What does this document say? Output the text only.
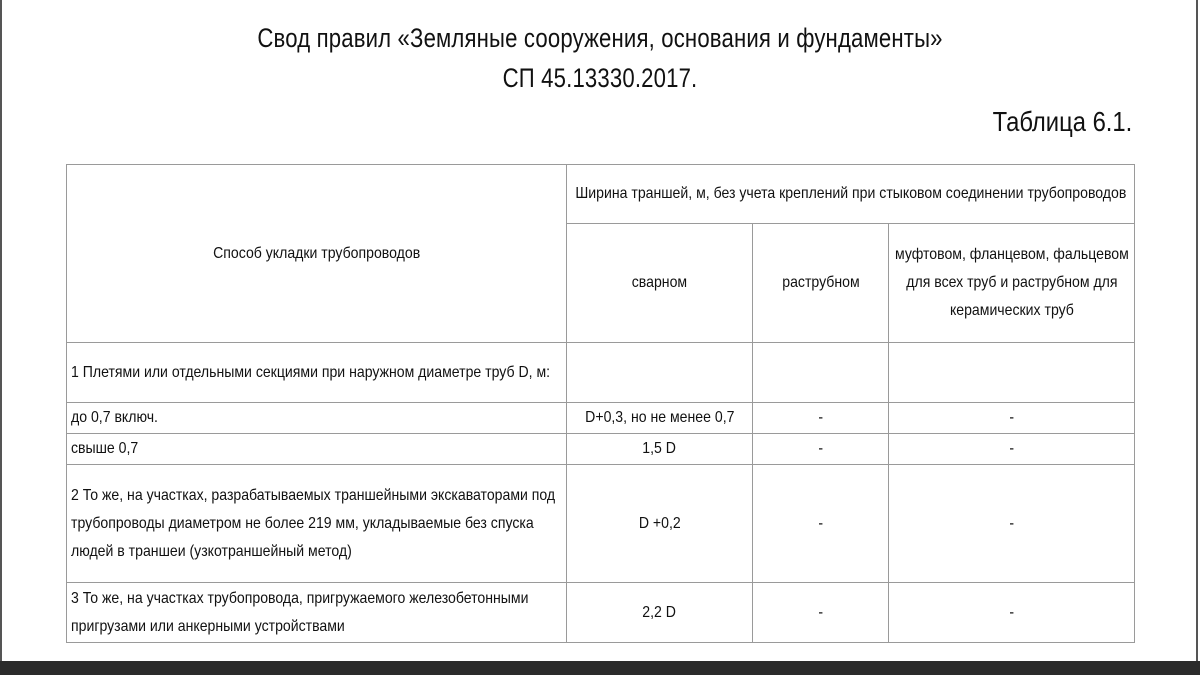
Свод правил «Земляные сооружения, основания и фундаменты»
СП 45.13330.2017.
Таблица 6.1.
Способ укладки трубопроводов	Ширина траншей, м, без учета креплений при стыковом соединении трубопроводов		

	сварном	раструбном	муфтовом, фланцевом, фальцевом для всех труб и раструбном для керамических труб

1 Плетями или отдельными секциями при наружном диаметре труб D, м:			

до 0,7 включ.	D+0,3, но не менее 0,7	-	-
свыше 0,7	1,5 D	-	-

2 То же, на участках, разрабатываемых траншейными экскаваторами под трубопроводы диаметром не более 219 мм, укладываемые без спуска людей в траншеи (узкотраншейный метод)	D +0,2	-	-

3 То же, на участках трубопровода, пригружаемого железобетонными пригрузами или анкерными устройствами	2,2 D	-	-
